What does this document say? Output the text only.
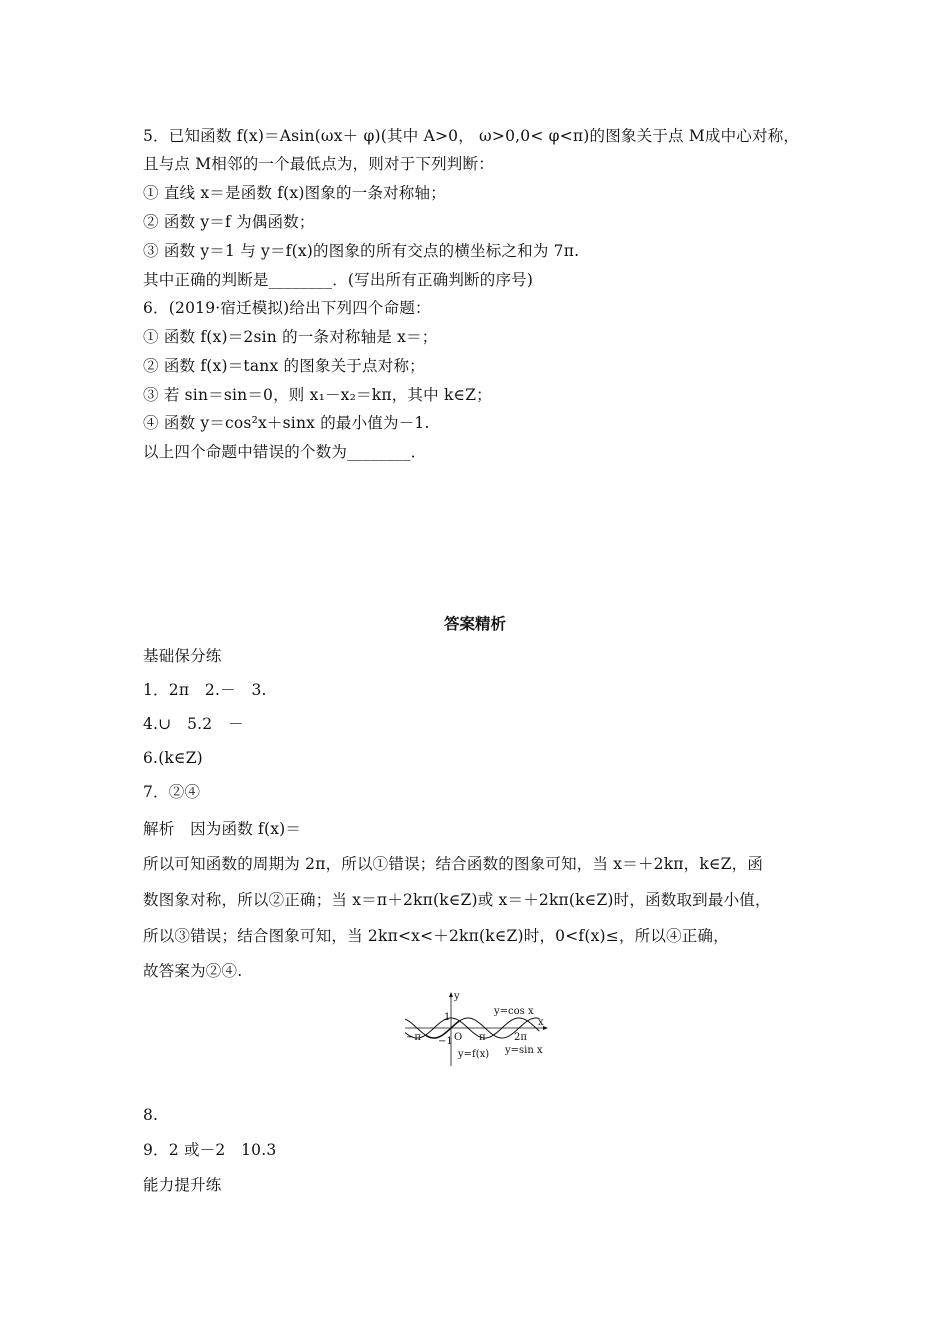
5．已知函数 f(x)＝Asin(ωx＋ φ)(其中 A>0， ω>0,0< φ<π)的图象关于点 M成中心对称，
且与点 M相邻的一个最低点为，则对于下列判断：
① 直线 x＝是函数 f(x)图象的一条对称轴；
② 函数 y＝f 为偶函数；
③ 函数 y＝1 与 y＝f(x)的图象的所有交点的横坐标之和为 7π.
其中正确的判断是________．(写出所有正确判断的序号)
6．(2019·宿迁模拟)给出下列四个命题：
① 函数 f(x)＝2sin 的一条对称轴是 x＝；
② 函数 f(x)＝tanx 的图象关于点对称；
③ 若 sin＝sin＝0，则 x₁－x₂＝kπ，其中 k∈Z；
④ 函数 y＝cos²x＋sinx 的最小值为－1.
以上四个命题中错误的个数为________．
答案精析
基础保分练
1．2π　2.－　3.
4.∪　5.2　－
6.(k∈Z)
7．②④
解析　因为函数 f(x)＝
所以可知函数的周期为 2π，所以①错误；结合函数的图象可知，当 x＝＋2kπ，k∈Z，函
数图象对称，所以②正确；当 x＝π＋2kπ(k∈Z)或 x＝＋2kπ(k∈Z)时，函数取到最小值，
所以③错误；结合图象可知，当 2kπ<x<＋2kπ(k∈Z)时，0<f(x)≤，所以④正确，
故答案为②④.
y
x
1
−1 O
−π	π	2π
y=cos x
y=sin x
y=f(x)
8.
9．2 或－2　10.3
能力提升练
